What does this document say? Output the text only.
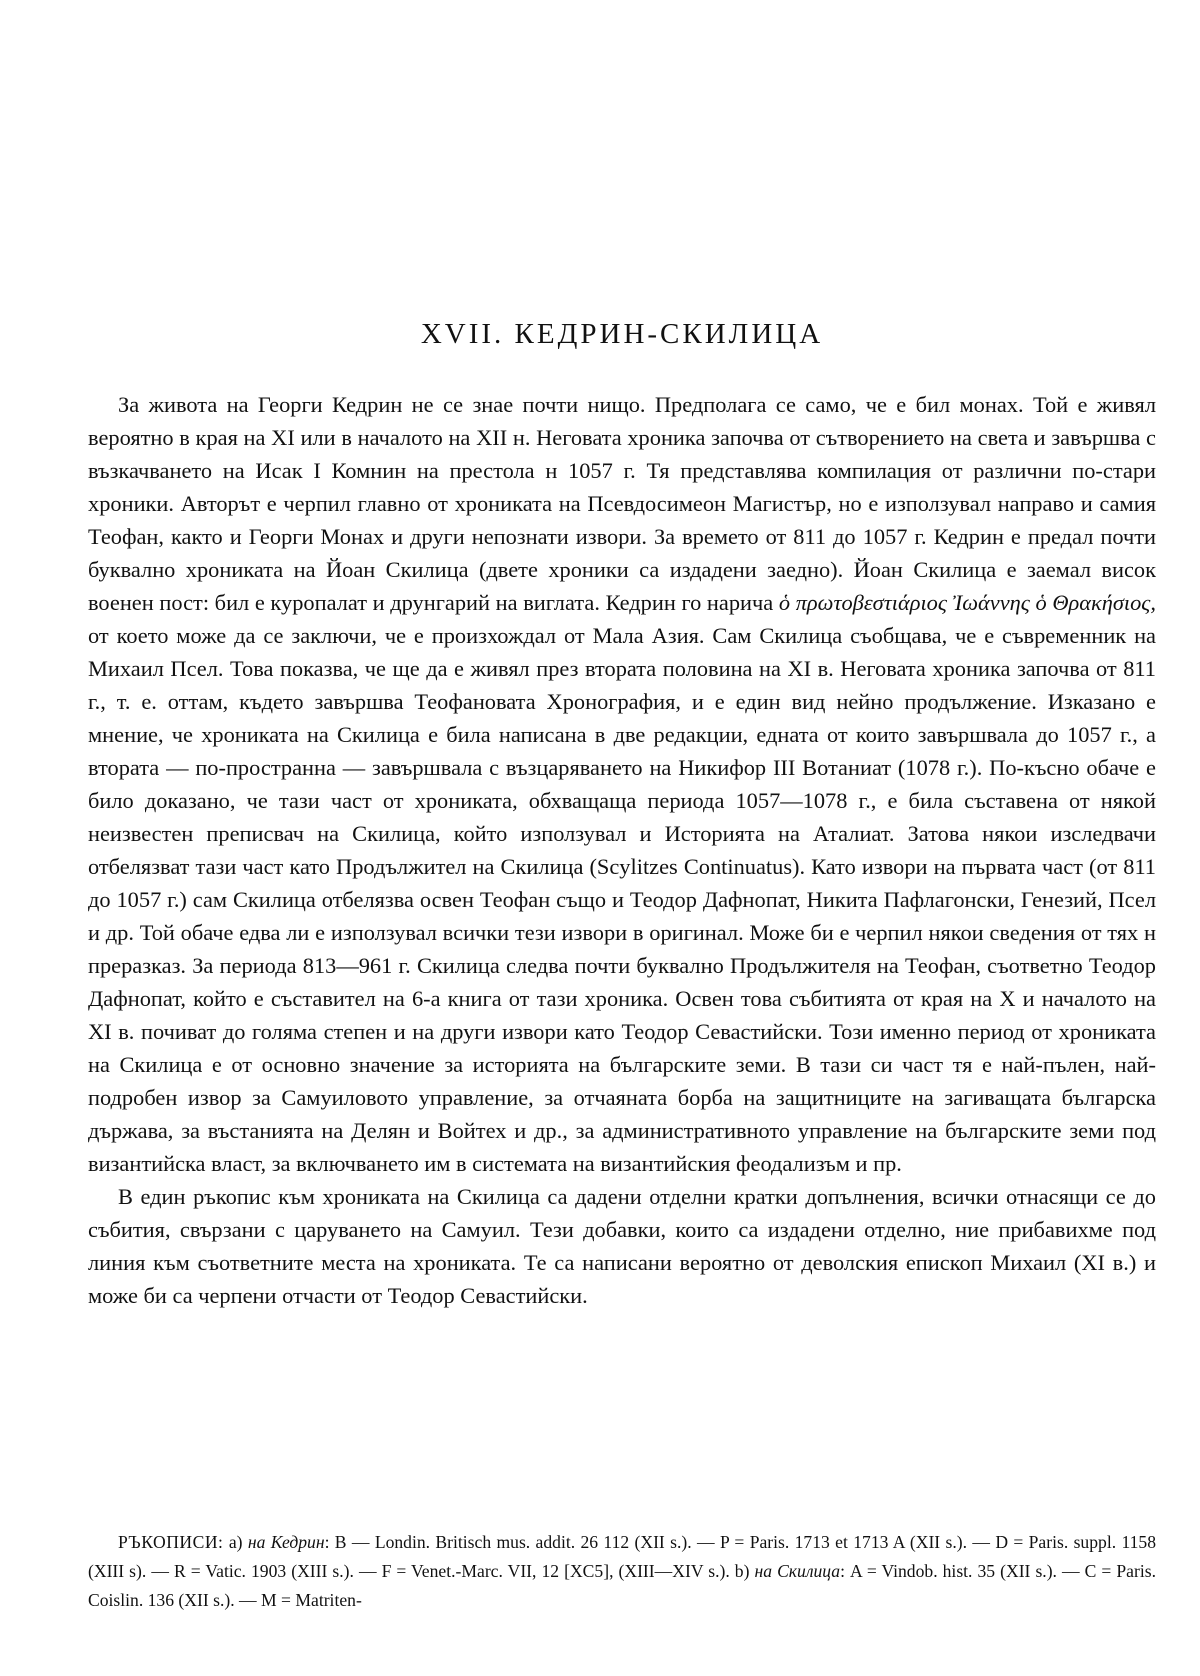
XVII. КЕДРИН-СКИЛИЦА

За живота на Георги Кедрин не се знае почти нищо. Предполага се само, че е бил монах. Той е живял вероятно в края на XI или в началото на XII н. Неговата хроника започва от сътворението на света и завършва с възкачването на Исак I Комнин на престола н 1057 г. Тя представлява компилация от различни по-стари хроники. Авторът е черпил главно от хрониката на Псевдосимеон Магистър, но е използувал направо и самия Теофан, както и Георги Монах и други непознати извори. За времето от 811 до 1057 г. Кедрин е предал почти буквално хрониката на Йоан Скилица (двете хроники са издадени заедно). Йоан Скилица е заемал висок военен пост: бил е куропалат и друнгарий на виглата. Кедрин го нарича ὁ πρωτοβεστιάριος Ἰωάννης ὁ Θρακήσιος, от което може да се заключи, че е произхождал от Мала Азия. Сам Скилица съобщава, че е съвременник на Михаил Псел. Това показва, че ще да е живял през втората половина на XI в. Неговата хроника започва от 811 г., т. е. оттам, където завършва Теофановата Хронография, и е един вид нейно продължение. Изказано е мнение, че хрониката на Скилица е била написана в две редакции, едната от които завършвала до 1057 г., а втората — по-пространна — завършвала с възцаряването на Никифор III Вотаниат (1078 г.). По-късно обаче е било доказано, че тази част от хрониката, обхващаща периода 1057—1078 г., е била съставена от някой неизвестен преписвач на Скилица, който използувал и Историята на Аталиат. Затова някои изследвачи отбелязват тази част като Продължител на Скилица (Scylitzes Continuatus). Като извори на първата част (от 811 до 1057 г.) сам Скилица отбелязва освен Теофан също и Теодор Дафнопат, Никита Пафлагонски, Генезий, Псел и др. Той обаче едва ли е използувал всички тези извори в оригинал. Може би е черпил някои сведения от тях н преразказ. За периода 813—961 г. Скилица следва почти буквално Продължителя на Теофан, съответно Теодор Дафнопат, който е съставител на 6-а книга от тази хроника. Освен това събитията от края на X и началото на XI в. почиват до голяма степен и на други извори като Теодор Севастийски. Този именно период от хрониката на Скилица е от основно значение за историята на българските земи. В тази си част тя е най-пълен, най-подробен извор за Самуиловото управление, за отчаяната борба на защитниците на загиващата българска държава, за въстанията на Делян и Войтех и др., за административното управление на българските земи под византийска власт, за включването им в системата на византийския феодализъм и пр.

В един ръкопис към хрониката на Скилица са дадени отделни кратки допълнения, всички отнасящи се до събития, свързани с царуването на Самуил. Тези добавки, които са издадени отделно, ние прибавихме под линия към съответните места на хрониката. Те са написани вероятно от деволския епископ Михаил (XI в.) и може би са черпени отчасти от Теодор Севастийски.

РЪКОПИСИ: а) на Кедрин: B — Londin. Britisch mus. addit. 26 112 (XII s.). — P = Paris. 1713 et 1713 A (XII s.). — D = Paris. suppl. 1158 (XIII s). — R = Vatic. 1903 (XIII s.). — F = Venet.-Marc. VII, 12 [XC5], (XIII—XIV s.). b) на Скилица: A = Vindob. hist. 35 (XII s.). — C = Paris. Coislin. 136 (XII s.). — M = Matriten-
